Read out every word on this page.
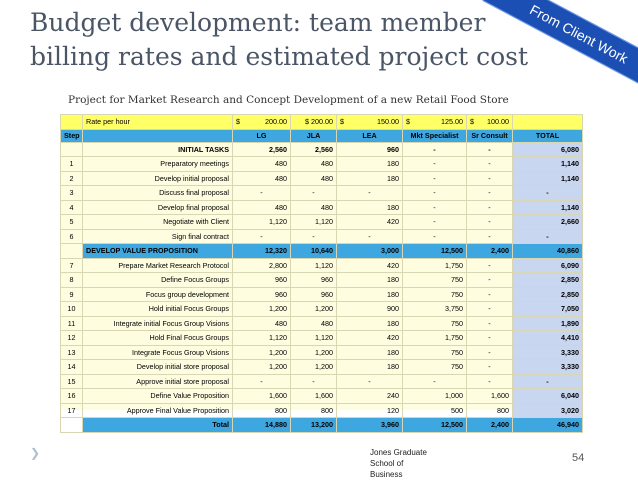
Budget development: team member
billing rates and estimated project cost From Client Work
Project for Market Research and Concept Development of a new Retail Food Store
	Rate per hour	$ 200.00	$ 200.00	$ 150.00	$ 125.00	$ 100.00	
Step		LG	JLA	LEA	Mkt Specialist	Sr Consult	TOTAL
	INITIAL TASKS	2,560	2,560	960	-	-	6,080
1	Preparatory meetings	480	480	180	-	-	1,140
2	Develop initial proposal	480	480	180	-	-	1,140
3	Discuss final proposal	-	-	-	-	-	-
4	Develop final proposal	480	480	180	-	-	1,140
5	Negotiate with Client	1,120	1,120	420	-	-	2,660
6	Sign final contract	-	-	-	-	-	-
	DEVELOP VALUE PROPOSITION	12,320	10,640	3,000	12,500	2,400	40,860
7	Prepare Market Research Protocol	2,800	1,120	420	1,750	-	6,090
8	Define Focus Groups	960	960	180	750	-	2,850
9	Focus group development	960	960	180	750	-	2,850
10	Hold initial Focus Groups	1,200	1,200	900	3,750	-	7,050
11	Integrate initial Focus Group Visions	480	480	180	750	-	1,890
12	Hold Final Focus Groups	1,120	1,120	420	1,750	-	4,410
13	Integrate Focus Group Visions	1,200	1,200	180	750	-	3,330
14	Develop initial store proposal	1,200	1,200	180	750	-	3,330
15	Approve initial store proposal	-	-	-	-	-	-
16	Define Value Proposition	1,600	1,600	240	1,000	1,600	6,040
17	Approve Final Value Proposition	800	800	120	500	800	3,020
	Total	14,880	13,200	3,960	12,500	2,400	46,940
❯	Jones Graduate
School of
Business
54
